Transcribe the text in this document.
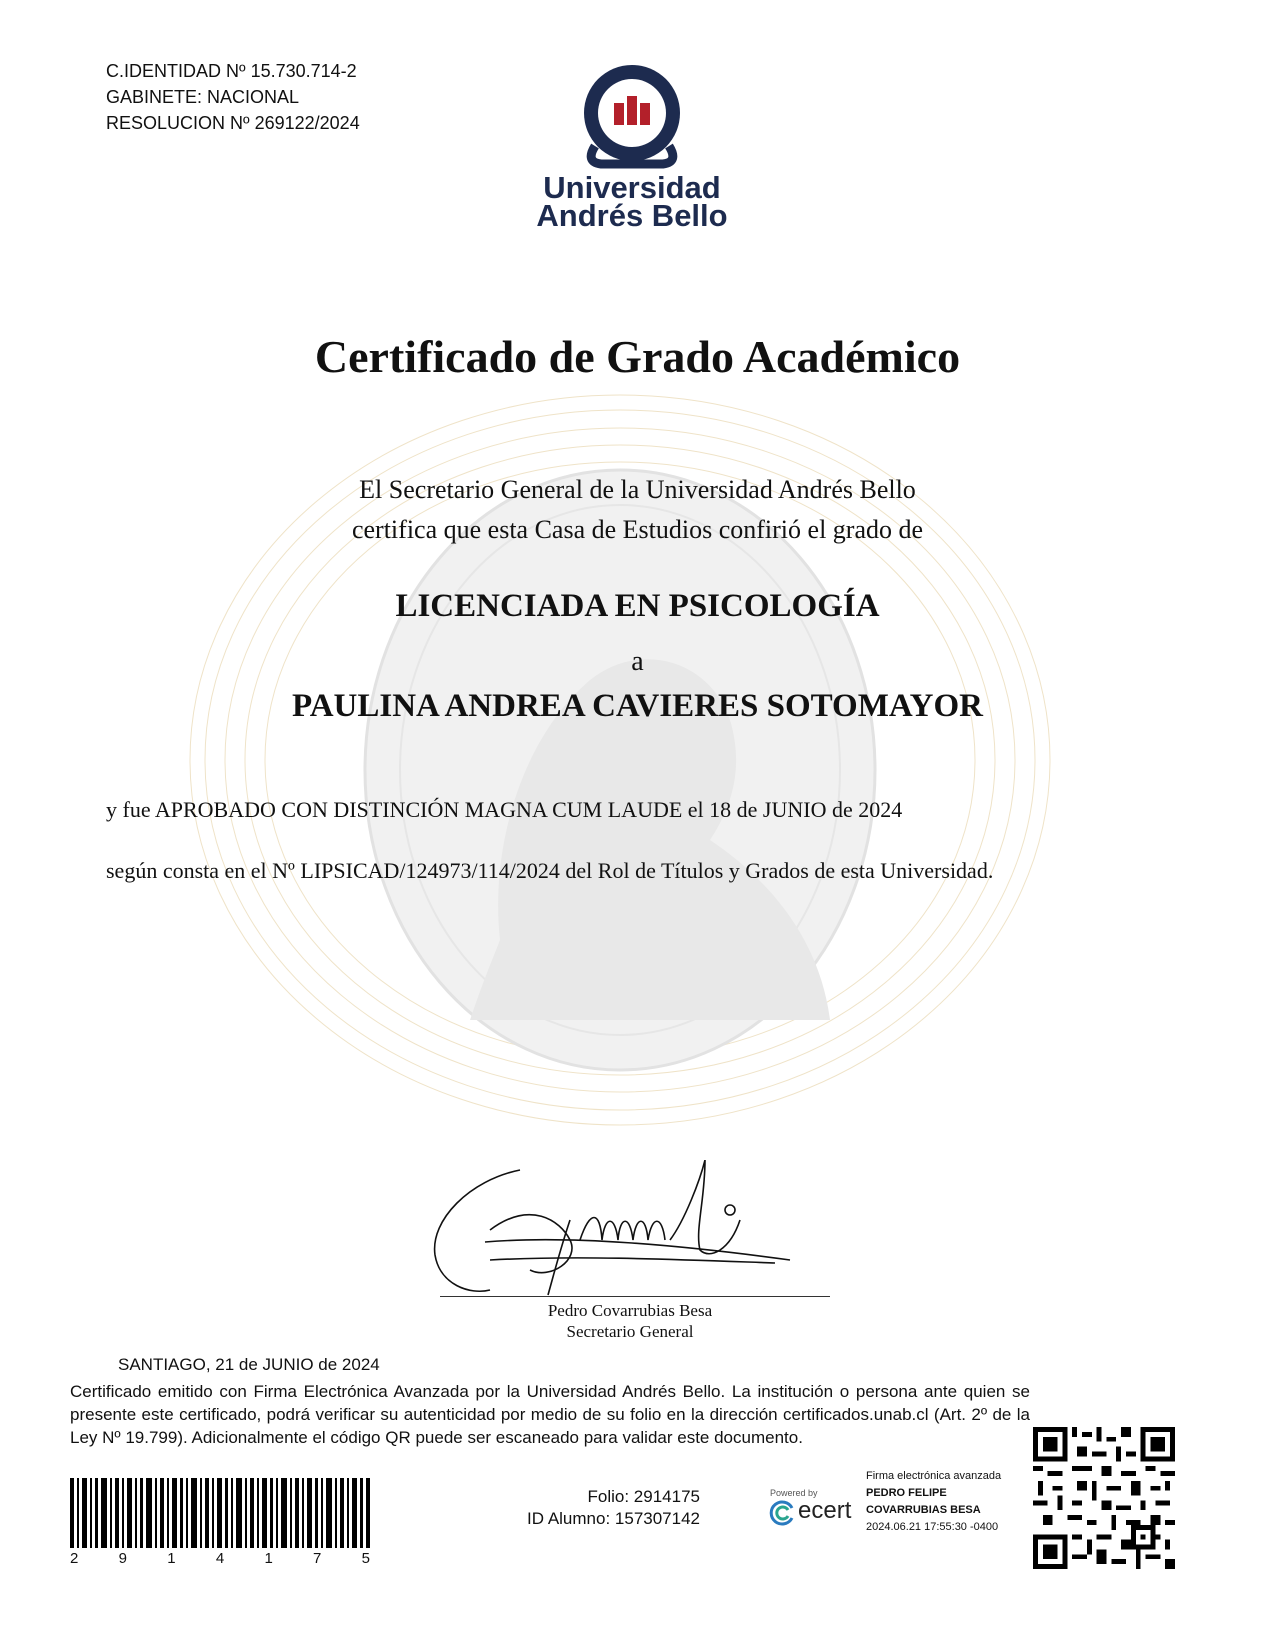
C.IDENTIDAD Nº 15.730.714-2
GABINETE: NACIONAL
RESOLUCION Nº 269122/2024
Universidad
Andrés Bello
Certificado de Grado Académico
El Secretario General de la Universidad Andrés Bello
certifica que esta Casa de Estudios confirió el grado de
LICENCIADA EN PSICOLOGÍA
a
PAULINA ANDREA CAVIERES SOTOMAYOR
y fue APROBADO CON DISTINCIÓN MAGNA CUM LAUDE el 18 de JUNIO de 2024
según consta en el Nº LIPSICAD/124973/114/2024 del Rol de Títulos y Grados de esta Universidad.
Pedro Covarrubias Besa
Secretario General
SANTIAGO, 21 de JUNIO de 2024
Certificado emitido con Firma Electrónica Avanzada por la Universidad Andrés Bello. La institución o persona ante quien se presente este certificado, podrá verificar su autenticidad por medio de su folio en la dirección certificados.unab.cl (Art. 2º de la Ley Nº 19.799). Adicionalmente el código QR puede ser escaneado para validar este documento.
2	9	1	4	1	7	5
Folio: 2914175
ID Alumno: 157307142
Powered by
ecert
Firma electrónica avanzada
PEDRO FELIPE
COVARRUBIAS BESA
2024.06.21 17:55:30 -0400
